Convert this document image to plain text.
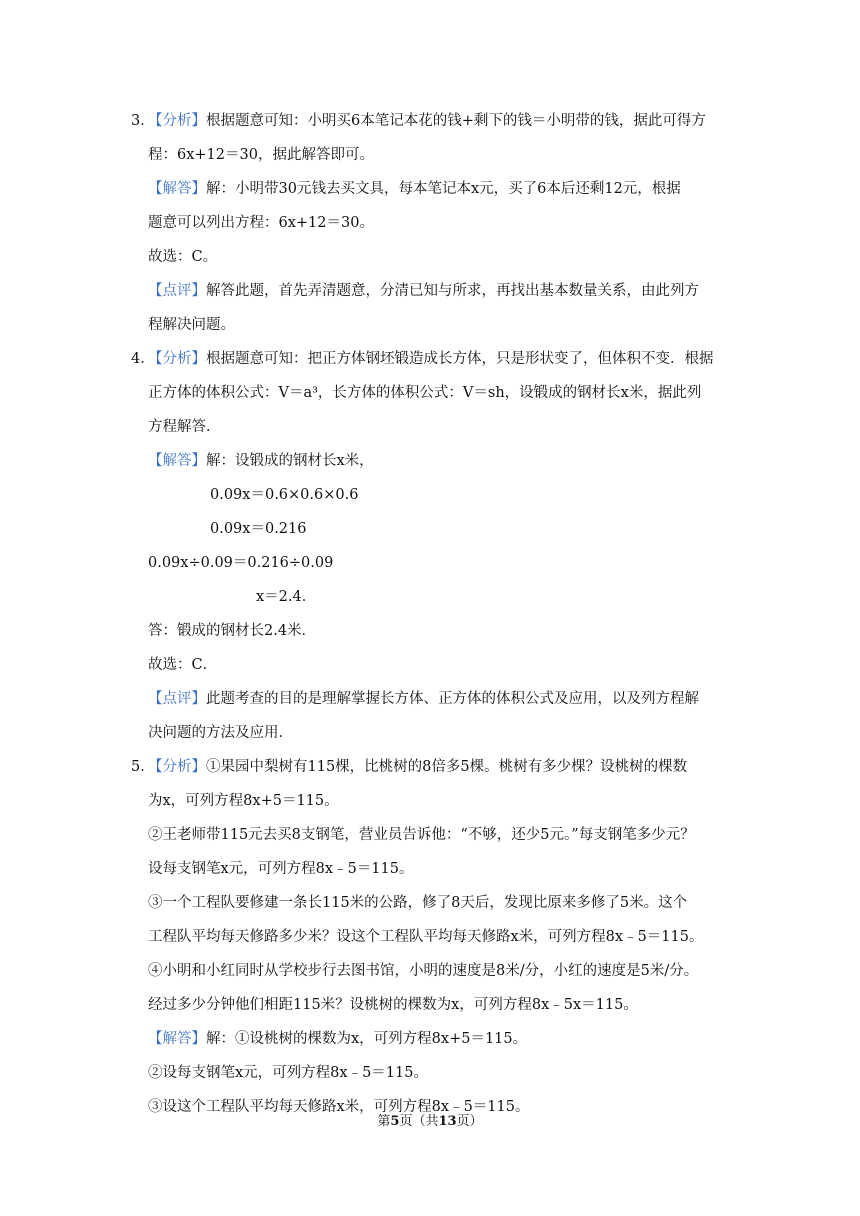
3．
【分析】根据题意可知：小明买6本笔记本花的钱+剩下的钱＝小明带的钱，据此可得方
程：6x+12＝30，据此解答即可。
【解答】解：小明带30元钱去买文具，每本笔记本x元，买了6本后还剩12元，根据
题意可以列出方程：6x+12＝30。
故选：C。
【点评】解答此题，首先弄清题意，分清已知与所求，再找出基本数量关系，由此列方
程解决问题。
4．
【分析】根据题意可知：把正方体钢坯锻造成长方体，只是形状变了，但体积不变．根据
正方体的体积公式：V＝a³，长方体的体积公式：V＝sh，设锻成的钢材长x米，据此列
方程解答．
【解答】解：设锻成的钢材长x米，
0.09x＝0.6×0.6×0.6
0.09x＝0.216
0.09x÷0.09＝0.216÷0.09
x＝2.4．
答：锻成的钢材长2.4米．
故选：C．
【点评】此题考查的目的是理解掌握长方体、正方体的体积公式及应用，以及列方程解
决问题的方法及应用．
5．
【分析】①果园中梨树有115棵，比桃树的8倍多5棵。桃树有多少棵？设桃树的棵数
为x，可列方程8x+5＝115。
②王老师带115元去买8支钢笔，营业员告诉他：“不够，还少5元。”每支钢笔多少元？
设每支钢笔x元，可列方程8x﹣5＝115。
③一个工程队要修建一条长115米的公路，修了8天后，发现比原来多修了5米。这个
工程队平均每天修路多少米？设这个工程队平均每天修路x米，可列方程8x﹣5＝115。
④小明和小红同时从学校步行去图书馆，小明的速度是8米/分，小红的速度是5米/分。
经过多少分钟他们相距115米？设桃树的棵数为x，可列方程8x﹣5x＝115。
【解答】解：①设桃树的棵数为x，可列方程8x+5＝115。
②设每支钢笔x元，可列方程8x﹣5＝115。
③设这个工程队平均每天修路x米，可列方程8x﹣5＝115。
第5页（共13页）
